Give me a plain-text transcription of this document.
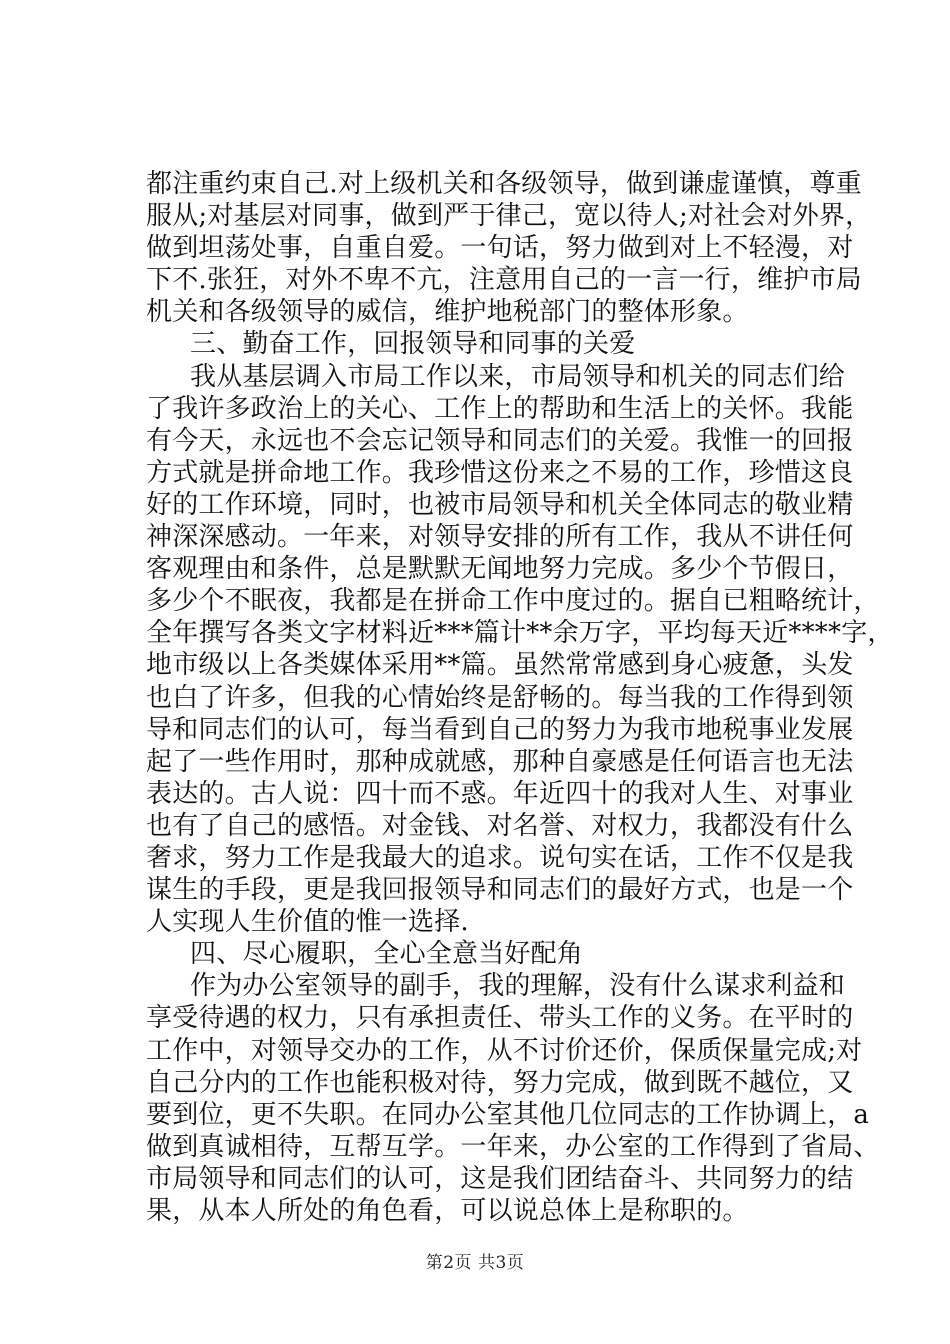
都注重约束自己.对上级机关和各级领导，做到谦虚谨慎，尊重
服从;对基层对同事，做到严于律己，宽以待人;对社会对外界，
做到坦荡处事，自重自爱。一句话，努力做到对上不轻漫，对
下不.张狂，对外不卑不亢，注意用自己的一言一行，维护市局
机关和各级领导的威信，维护地税部门的整体形象。
三、勤奋工作，回报领导和同事的关爱
我从基层调入市局工作以来，市局领导和机关的同志们给
了我许多政治上的关心、工作上的帮助和生活上的关怀。我能
有今天，永远也不会忘记领导和同志们的关爱。我惟一的回报
方式就是拼命地工作。我珍惜这份来之不易的工作，珍惜这良
好的工作环境，同时，也被市局领导和机关全体同志的敬业精
神深深感动。一年来，对领导安排的所有工作，我从不讲任何
客观理由和条件，总是默默无闻地努力完成。多少个节假日，
多少个不眠夜，我都是在拼命工作中度过的。据自已粗略统计，
全年撰写各类文字材料近***篇计**余万字，平均每天近****字，
地市级以上各类媒体采用**篇。虽然常常感到身心疲惫，头发
也白了许多，但我的心情始终是舒畅的。每当我的工作得到领
导和同志们的认可，每当看到自己的努力为我市地税事业发展
起了一些作用时，那种成就感，那种自豪感是任何语言也无法
表达的。古人说：四十而不惑。年近四十的我对人生、对事业
也有了自己的感悟。对金钱、对名誉、对权力，我都没有什么
奢求，努力工作是我最大的追求。说句实在话，工作不仅是我
谋生的手段，更是我回报领导和同志们的最好方式，也是一个
人实现人生价值的惟一选择.
四、尽心履职，全心全意当好配角
作为办公室领导的副手，我的理解，没有什么谋求利益和
享受待遇的权力，只有承担责任、带头工作的义务。在平时的
工作中，对领导交办的工作，从不讨价还价，保质保量完成;对
自己分内的工作也能积极对待，努力完成，做到既不越位，又
要到位，更不失职。在同办公室其他几位同志的工作协调上，a
做到真诚相待，互帮互学。一年来，办公室的工作得到了省局、
市局领导和同志们的认可，这是我们团结奋斗、共同努力的结
果，从本人所处的角色看，可以说总体上是称职的。
第2页 共3页
